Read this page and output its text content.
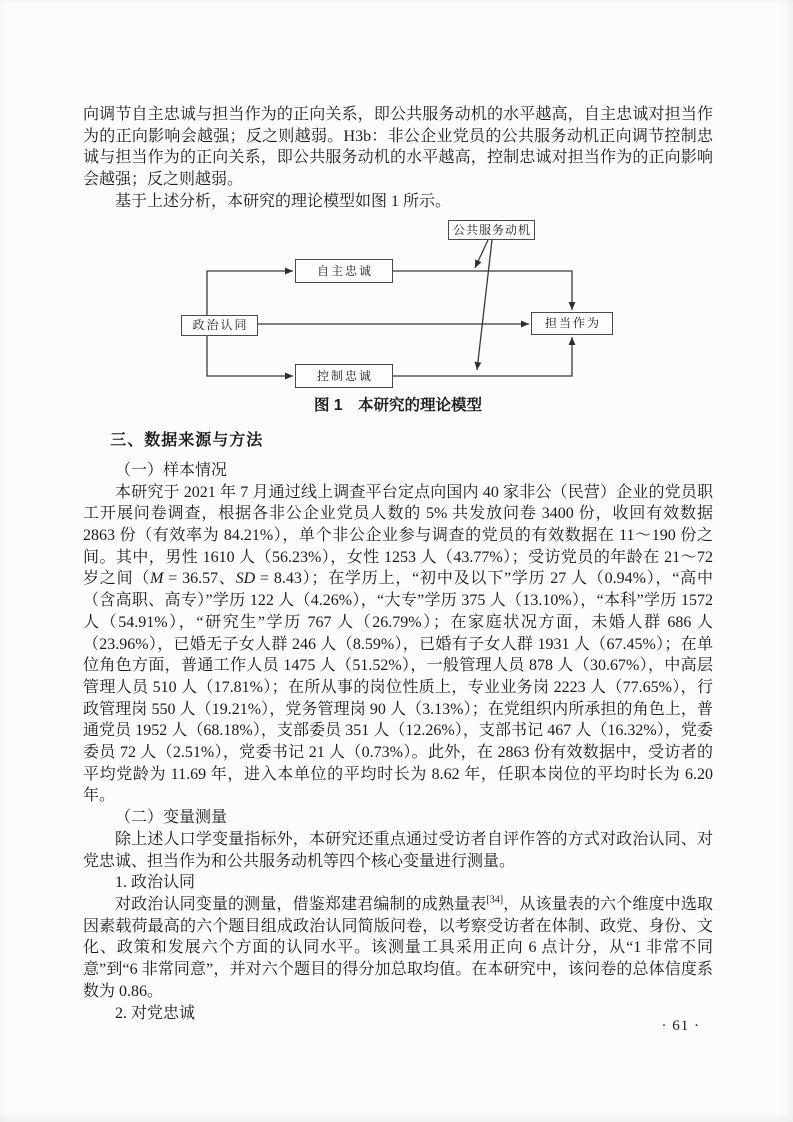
向调节自主忠诚与担当作为的正向关系，即公共服务动机的水平越高，自主忠诚对担当作为的正向影响会越强；反之则越弱。H3b：非公企业党员的公共服务动机正向调节控制忠诚与担当作为的正向关系，即公共服务动机的水平越高，控制忠诚对担当作为的正向影响会越强；反之则越弱。

基于上述分析，本研究的理论模型如图 1 所示。

公共服务动机
自主忠诚
政治认同	担当作为
控制忠诚

图 1　本研究的理论模型

三、数据来源与方法

（一）样本情况

本研究于 2021 年 7 月通过线上调查平台定点向国内 40 家非公（民营）企业的党员职工开展问卷调查，根据各非公企业党员人数的 5% 共发放问卷 3400 份，收回有效数据 2863 份（有效率为 84.21%），单个非公企业参与调查的党员的有效数据在 11～190 份之间。其中，男性 1610 人（56.23%），女性 1253 人（43.77%）；受访党员的年龄在 21～72 岁之间（M = 36.57、SD = 8.43）；在学历上，“初中及以下”学历 27 人（0.94%），“高中（含高职、高专）”学历 122 人（4.26%），“大专”学历 375 人（13.10%），“本科”学历 1572 人（54.91%），“研究生”学历 767 人（26.79%）；在家庭状况方面，未婚人群 686 人（23.96%），已婚无子女人群 246 人（8.59%），已婚有子女人群 1931 人（67.45%）；在单位角色方面，普通工作人员 1475 人（51.52%），一般管理人员 878 人（30.67%），中高层管理人员 510 人（17.81%）；在所从事的岗位性质上，专业业务岗 2223 人（77.65%），行政管理岗 550 人（19.21%），党务管理岗 90 人（3.13%）；在党组织内所承担的角色上，普通党员 1952 人（68.18%），支部委员 351 人（12.26%），支部书记 467 人（16.32%），党委委员 72 人（2.51%），党委书记 21 人（0.73%）。此外，在 2863 份有效数据中，受访者的平均党龄为 11.69 年，进入本单位的平均时长为 8.62 年，任职本岗位的平均时长为 6.20 年。

（二）变量测量

除上述人口学变量指标外，本研究还重点通过受访者自评作答的方式对政治认同、对党忠诚、担当作为和公共服务动机等四个核心变量进行测量。

1. 政治认同

对政治认同变量的测量，借鉴郑建君编制的成熟量表[34]，从该量表的六个维度中选取因素载荷最高的六个题目组成政治认同简版问卷，以考察受访者在体制、政党、身份、文化、政策和发展六个方面的认同水平。该测量工具采用正向 6 点计分，从“1 非常不同意”到“6 非常同意”，并对六个题目的得分加总取均值。在本研究中，该问卷的总体信度系数为 0.86。

2. 对党忠诚

· 61 ·
